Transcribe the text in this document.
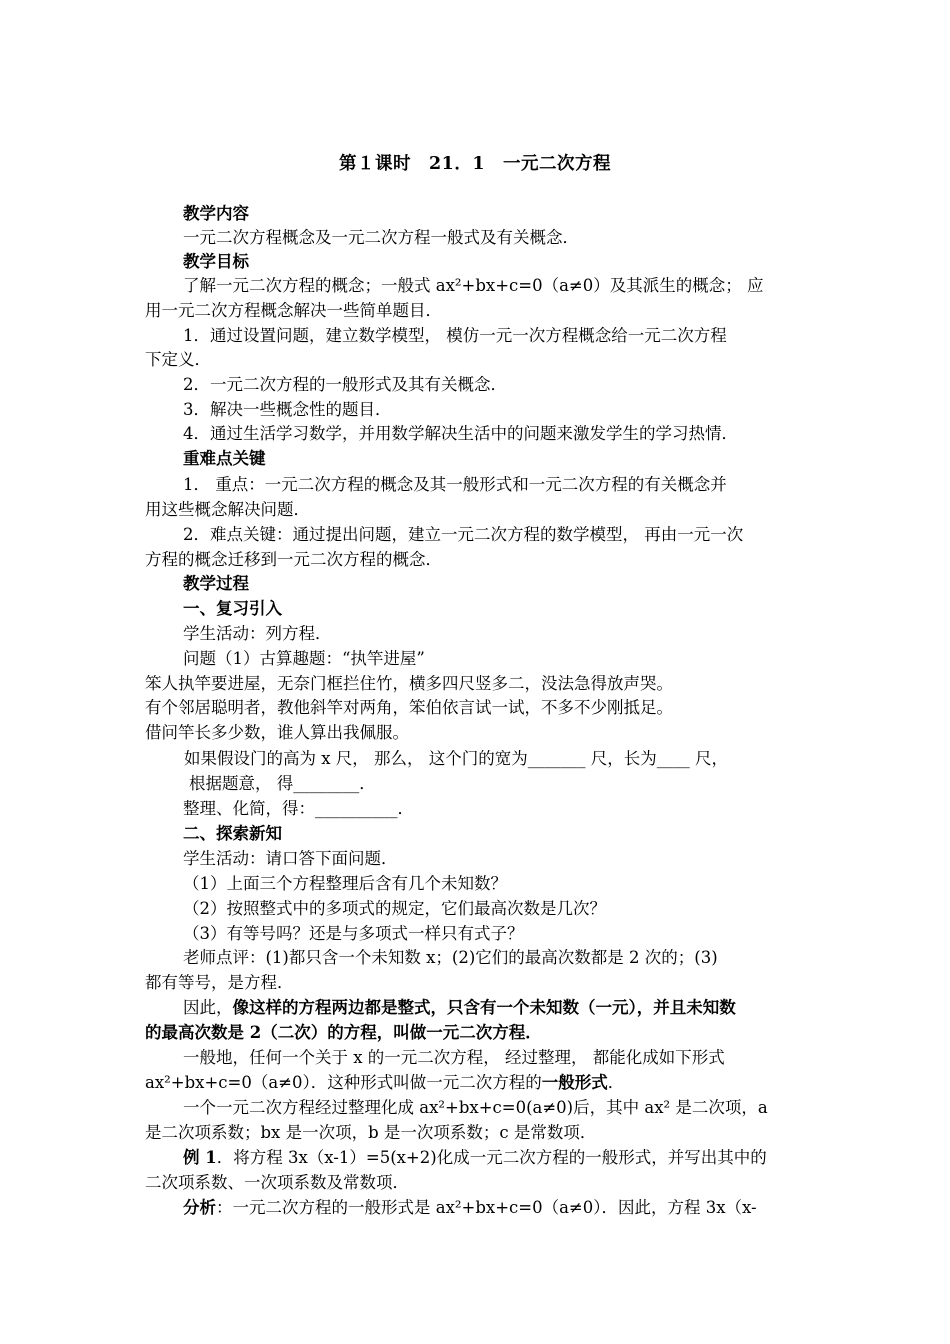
第１课时　21．1　一元二次方程
教学内容
一元二次方程概念及一元二次方程一般式及有关概念．
教学目标
了解一元二次方程的概念；一般式 ax²+bx+c=0（a≠0）及其派生的概念； 应
用一元二次方程概念解决一些简单题目．
1．通过设置问题，建立数学模型， 模仿一元一次方程概念给一元二次方程
下定义．
2．一元二次方程的一般形式及其有关概念．
3．解决一些概念性的题目．
4．通过生活学习数学，并用数学解决生活中的问题来激发学生的学习热情．
重难点关键
1． 重点：一元二次方程的概念及其一般形式和一元二次方程的有关概念并
用这些概念解决问题．
2．难点关键：通过提出问题，建立一元二次方程的数学模型， 再由一元一次
方程的概念迁移到一元二次方程的概念．
教学过程
一、复习引入
学生活动：列方程．
问题（1）古算趣题：“执竿进屋”
笨人执竿要进屋，无奈门框拦住竹，横多四尺竖多二，没法急得放声哭。
有个邻居聪明者，教他斜竿对两角，笨伯依言试一试，不多不少刚抵足。
借问竿长多少数，谁人算出我佩服。
如果假设门的高为 x 尺， 那么， 这个门的宽为_______ 尺，长为____ 尺，
根据题意， 得________．
整理、化简，得：__________．
二、探索新知
学生活动：请口答下面问题．
（1）上面三个方程整理后含有几个未知数？
（2）按照整式中的多项式的规定，它们最高次数是几次？
（3）有等号吗？还是与多项式一样只有式子？
老师点评：(1)都只含一个未知数 x；(2)它们的最高次数都是 2 次的；(3)
都有等号，是方程．
因此，像这样的方程两边都是整式，只含有一个未知数（一元），并且未知数
的最高次数是 2（二次）的方程，叫做一元二次方程．
一般地，任何一个关于 x 的一元二次方程， 经过整理， 都能化成如下形式
ax²+bx+c=0（a≠0）．这种形式叫做一元二次方程的一般形式．
一个一元二次方程经过整理化成 ax²+bx+c=0(a≠0)后，其中 ax² 是二次项，a
是二次项系数；bx 是一次项，b 是一次项系数；c 是常数项．
例 1．将方程 3x（x-1）=5(x+2)化成一元二次方程的一般形式，并写出其中的
二次项系数、一次项系数及常数项．
分析：一元二次方程的一般形式是 ax²+bx+c=0（a≠0）．因此，方程 3x（x-
